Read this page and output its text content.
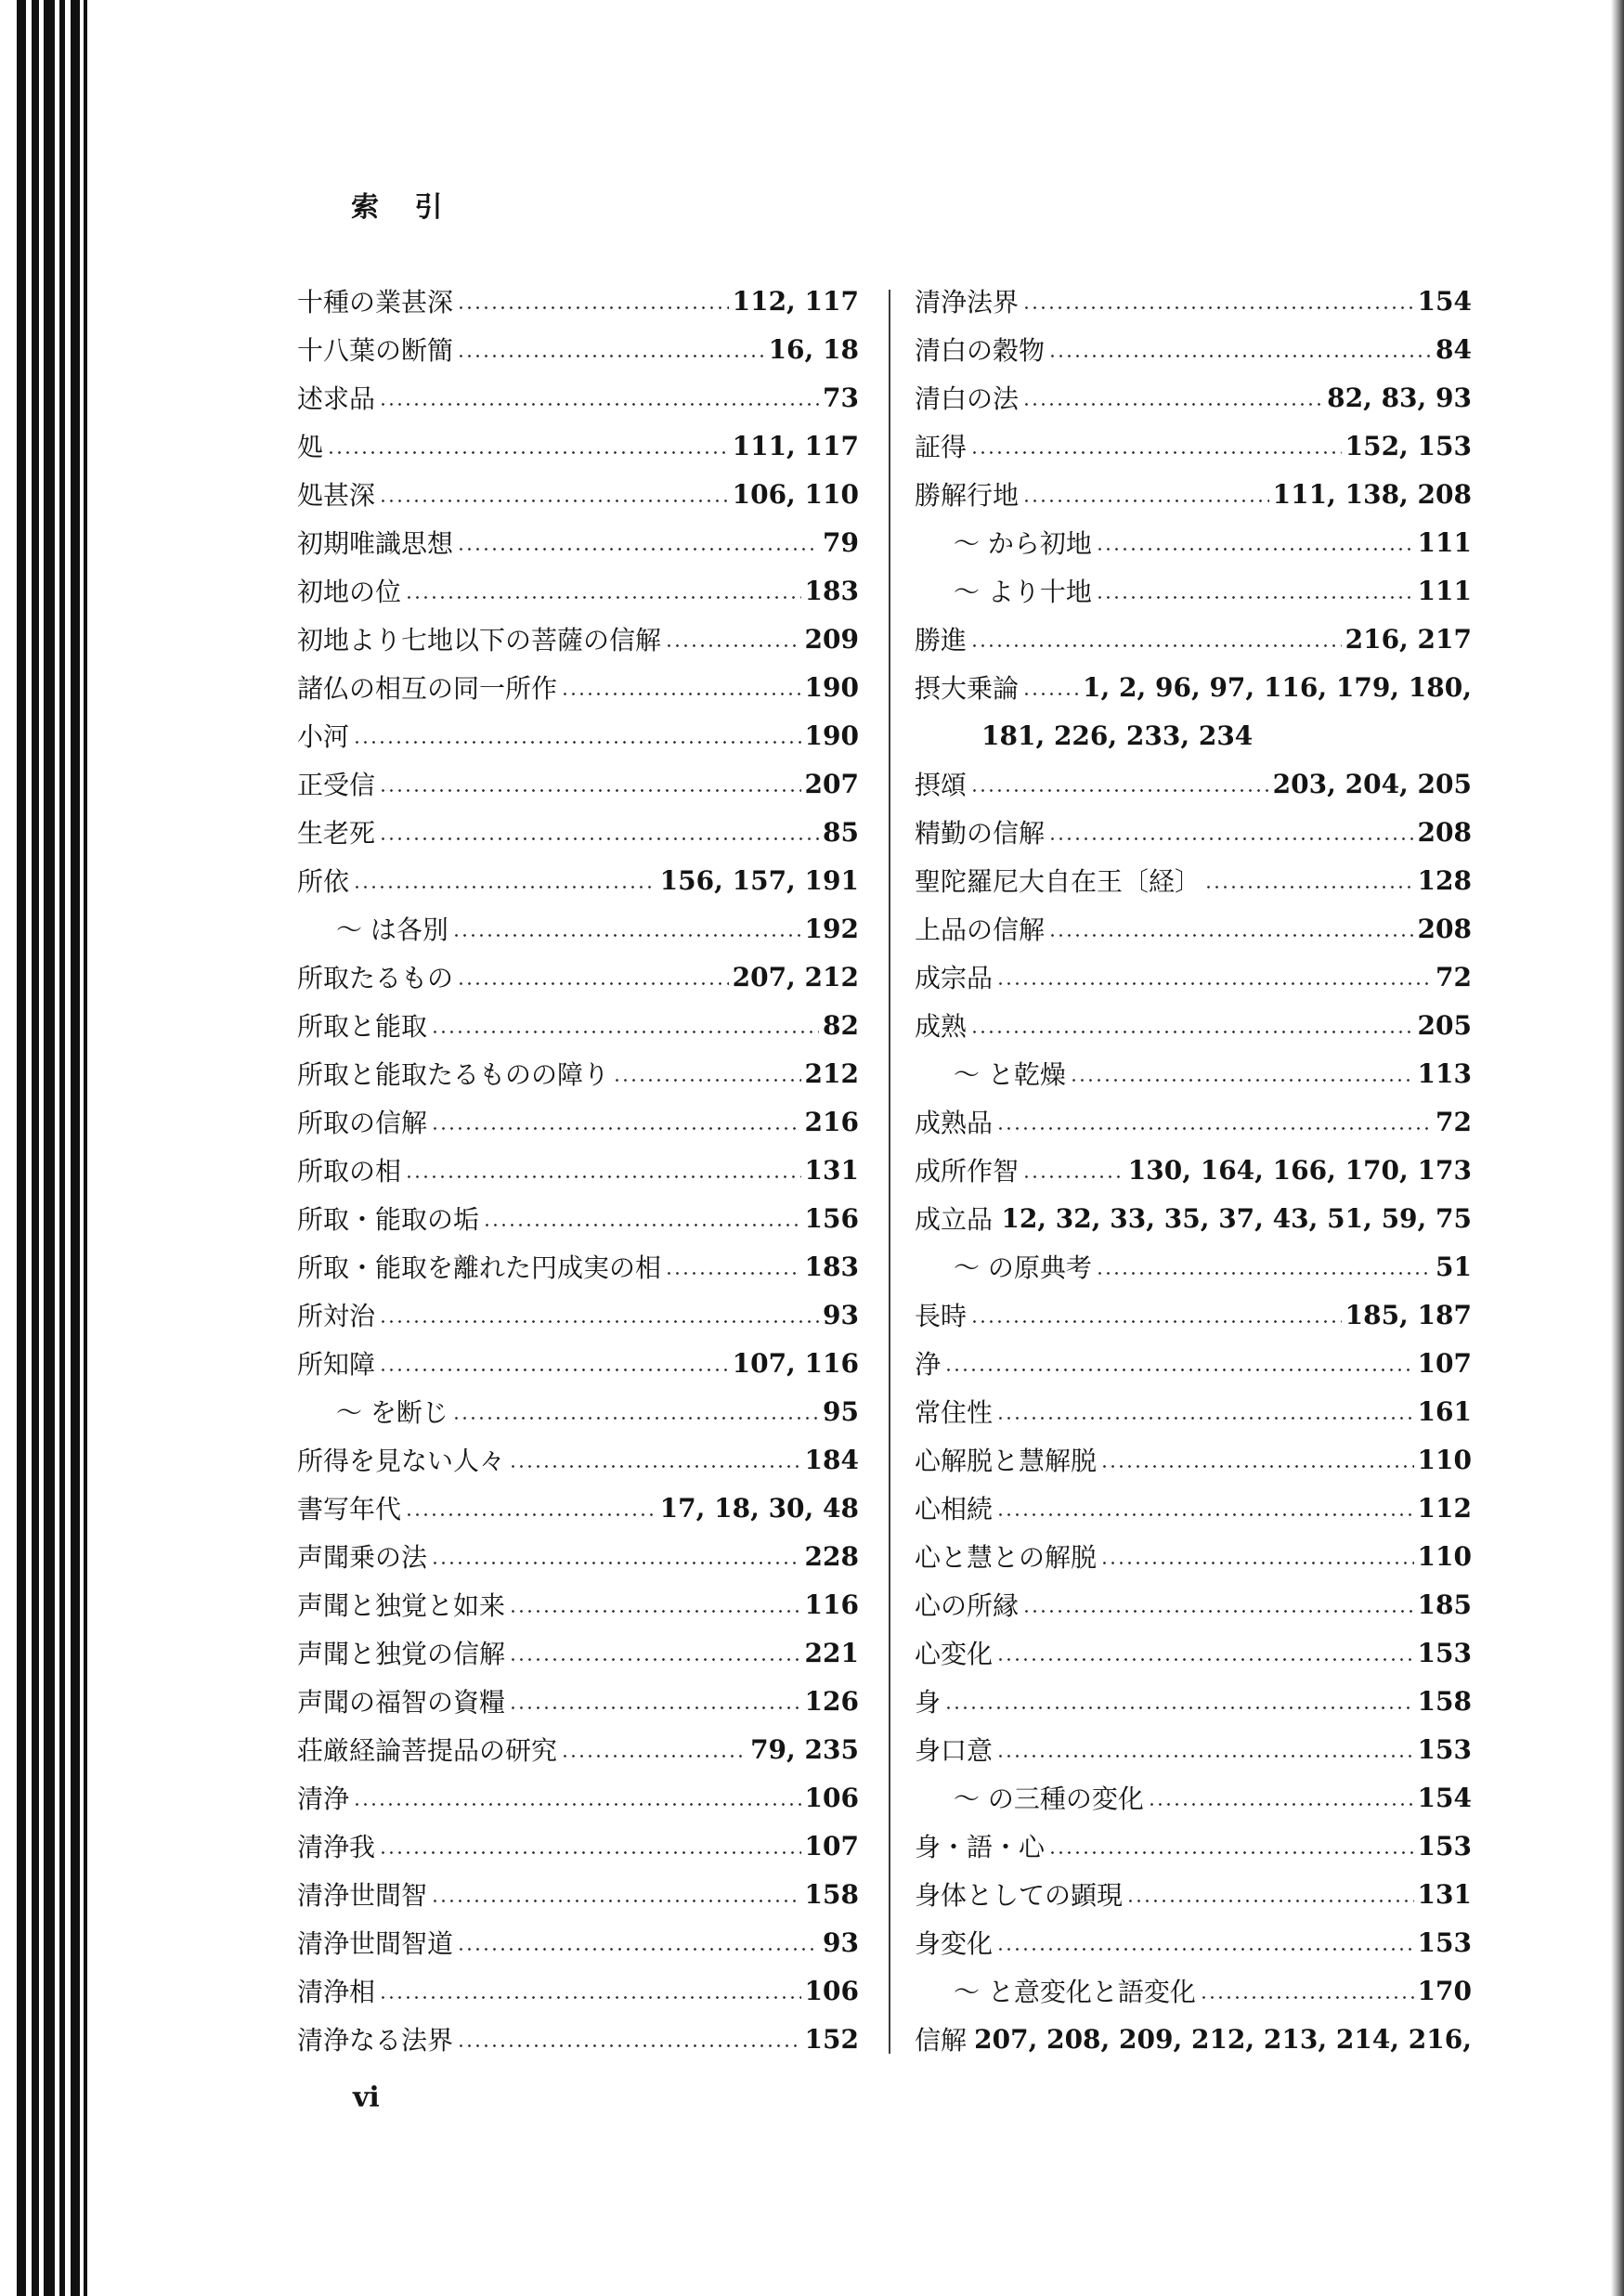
索 引
十種の業甚深	112, 117
十八葉の断簡	16, 18
述求品	73
処	111, 117
処甚深	106, 110
初期唯識思想	79
初地の位	183
初地より七地以下の菩薩の信解	209
諸仏の相互の同一所作	190
小河	190
正受信	207
生老死	85
所依	156, 157, 191
〜 は各別	192
所取たるもの	207, 212
所取と能取	82
所取と能取たるものの障り	212
所取の信解	216
所取の相	131
所取・能取の垢	156
所取・能取を離れた円成実の相	183
所対治	93
所知障	107, 116
〜 を断じ	95
所得を見ない人々	184
書写年代	17, 18, 30, 48
声聞乗の法	228
声聞と独覚と如来	116
声聞と独覚の信解	221
声聞の福智の資糧	126
荘厳経論菩提品の研究	79, 235
清浄	106
清浄我	107
清浄世間智	158
清浄世間智道	93
清浄相	106
清浄なる法界	152
清浄法界	154
清白の穀物	84
清白の法	82, 83, 93
証得	152, 153
勝解行地	111, 138, 208
〜 から初地	111
〜 より十地	111
勝進	216, 217
摂大乗論 1, 2, 96, 97, 116, 179, 180,
181, 226, 233, 234
摂頌	203, 204, 205
精勤の信解	208
聖陀羅尼大自在王〔経〕	128
上品の信解	208
成宗品	72
成熟	205
〜 と乾燥	113
成熟品	72
成所作智	130, 164, 166, 170, 173
成立品 12, 32, 33, 35, 37, 43, 51, 59, 75
〜 の原典考	51
長時	185, 187
浄	107
常住性	161
心解脱と慧解脱	110
心相続	112
心と慧との解脱	110
心の所縁	185
心変化	153
身	158
身口意	153
〜 の三種の変化	154
身・語・心	153
身体としての顕現	131
身変化	153
〜 と意変化と語変化	170
信解 207, 208, 209, 212, 213, 214, 216,
vi
